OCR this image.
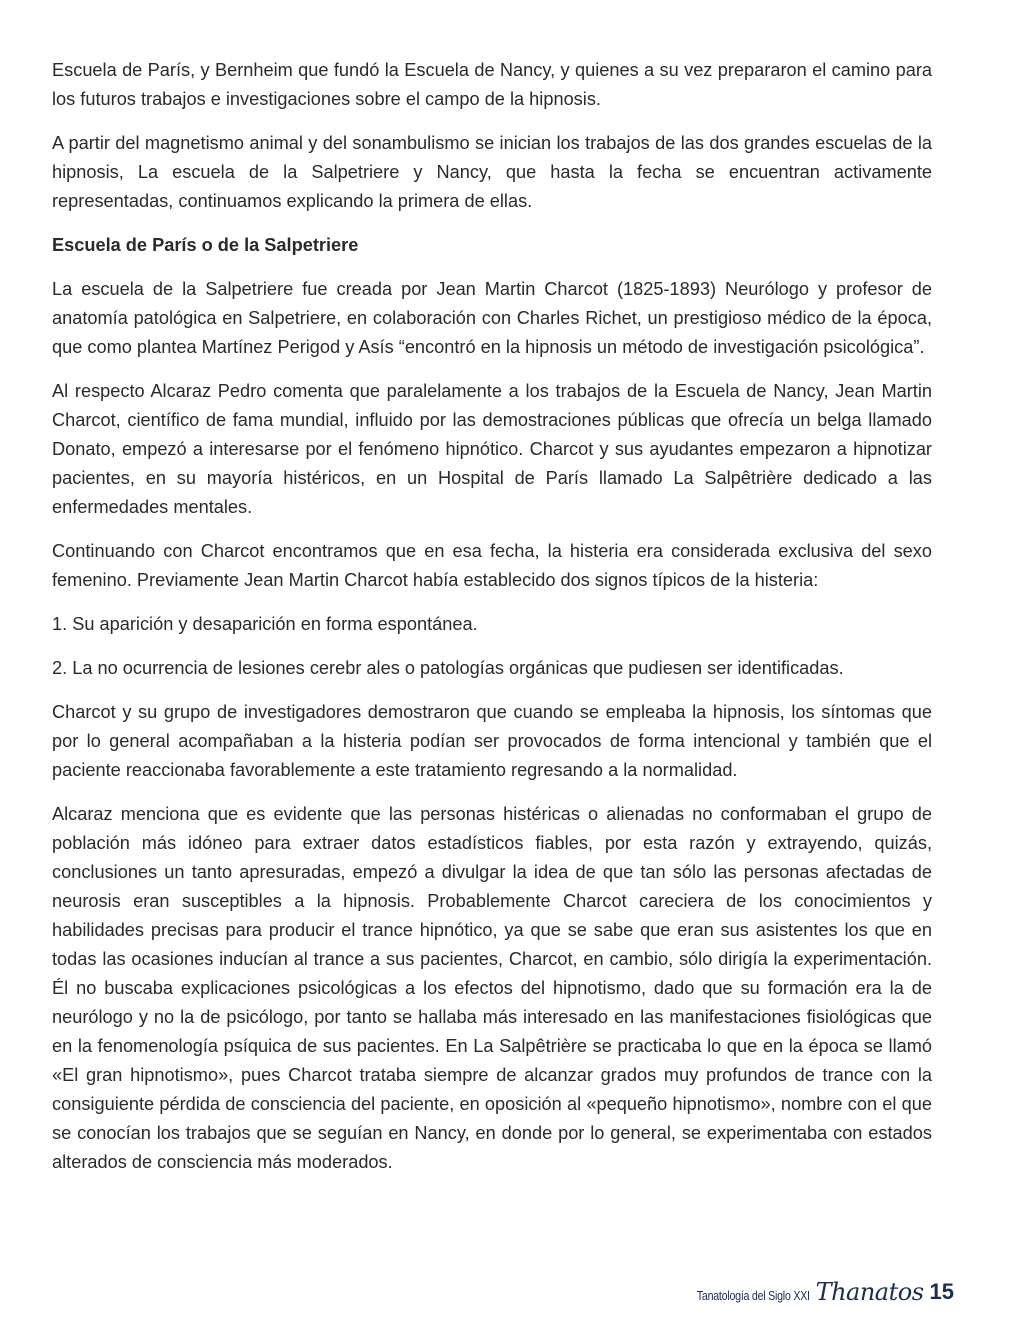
Escuela de París, y Bernheim que fundó la Escuela de Nancy, y quienes a su vez prepararon el camino para los futuros trabajos e investigaciones sobre el campo de la hipnosis.

A partir del magnetismo animal y del sonambulismo se inician los trabajos de las dos grandes escuelas de la hipnosis, La escuela de la Salpetriere y Nancy, que hasta la fecha se encuentran activamente representadas, continuamos explicando la primera de ellas.

Escuela de París o de la Salpetriere

La escuela de la Salpetriere fue creada por Jean Martin Charcot (1825-1893) Neurólogo y profesor de anatomía patológica en Salpetriere, en colaboración con Charles Richet, un prestigioso médico de la época, que como plantea Martínez Perigod y Asís “encontró en la hipnosis un método de investigación psicológica”.

Al respecto Alcaraz Pedro comenta que paralelamente a los trabajos de la Escuela de Nancy, Jean Martin Charcot, científico de fama mundial, influido por las demostraciones públicas que ofrecía un belga llamado Donato, empezó a interesarse por el fenómeno hipnótico. Charcot y sus ayudantes empezaron a hipnotizar pacientes, en su mayoría histéricos, en un Hospital de París llamado La Salpêtrière dedicado a las enfermedades mentales.

Continuando con Charcot encontramos que en esa fecha, la histeria era considerada exclusiva del sexo femenino. Previamente Jean Martin Charcot había establecido dos signos típicos de la histeria:

1. Su aparición y desaparición en forma espontánea.

2. La no ocurrencia de lesiones cerebr ales o patologías orgánicas que pudiesen ser identificadas.

Charcot y su grupo de investigadores demostraron que cuando se empleaba la hipnosis, los síntomas que por lo general acompañaban a la histeria podían ser provocados de forma intencional y también que el paciente reaccionaba favorablemente a este tratamiento regresando a la normalidad.

Alcaraz menciona que es evidente que las personas histéricas o alienadas no conformaban el grupo de población más idóneo para extraer datos estadísticos fiables, por esta razón y extrayendo, quizás, conclusiones un tanto apresuradas, empezó a divulgar la idea de que tan sólo las personas afectadas de neurosis eran susceptibles a la hipnosis. Probablemente Charcot careciera de los conocimientos y habilidades precisas para producir el trance hipnótico, ya que se sabe que eran sus asistentes los que en todas las ocasiones inducían al trance a sus pacientes, Charcot, en cambio, sólo dirigía la experimentación. Él no buscaba explicaciones psicológicas a los efectos del hipnotismo, dado que su formación era la de neurólogo y no la de psicólogo, por tanto se hallaba más interesado en las manifestaciones fisiológicas que en la fenomenología psíquica de sus pacientes. En La Salpêtrière se practicaba lo que en la época se llamó «El gran hipnotismo», pues Charcot trataba siempre de alcanzar grados muy profundos de trance con la consiguiente pérdida de consciencia del paciente, en oposición al «pequeño hipnotismo», nombre con el que se conocían los trabajos que se seguían en Nancy, en donde por lo general, se experimentaba con estados alterados de consciencia más moderados.

Tanatología del Siglo XXI Thanatos 15
